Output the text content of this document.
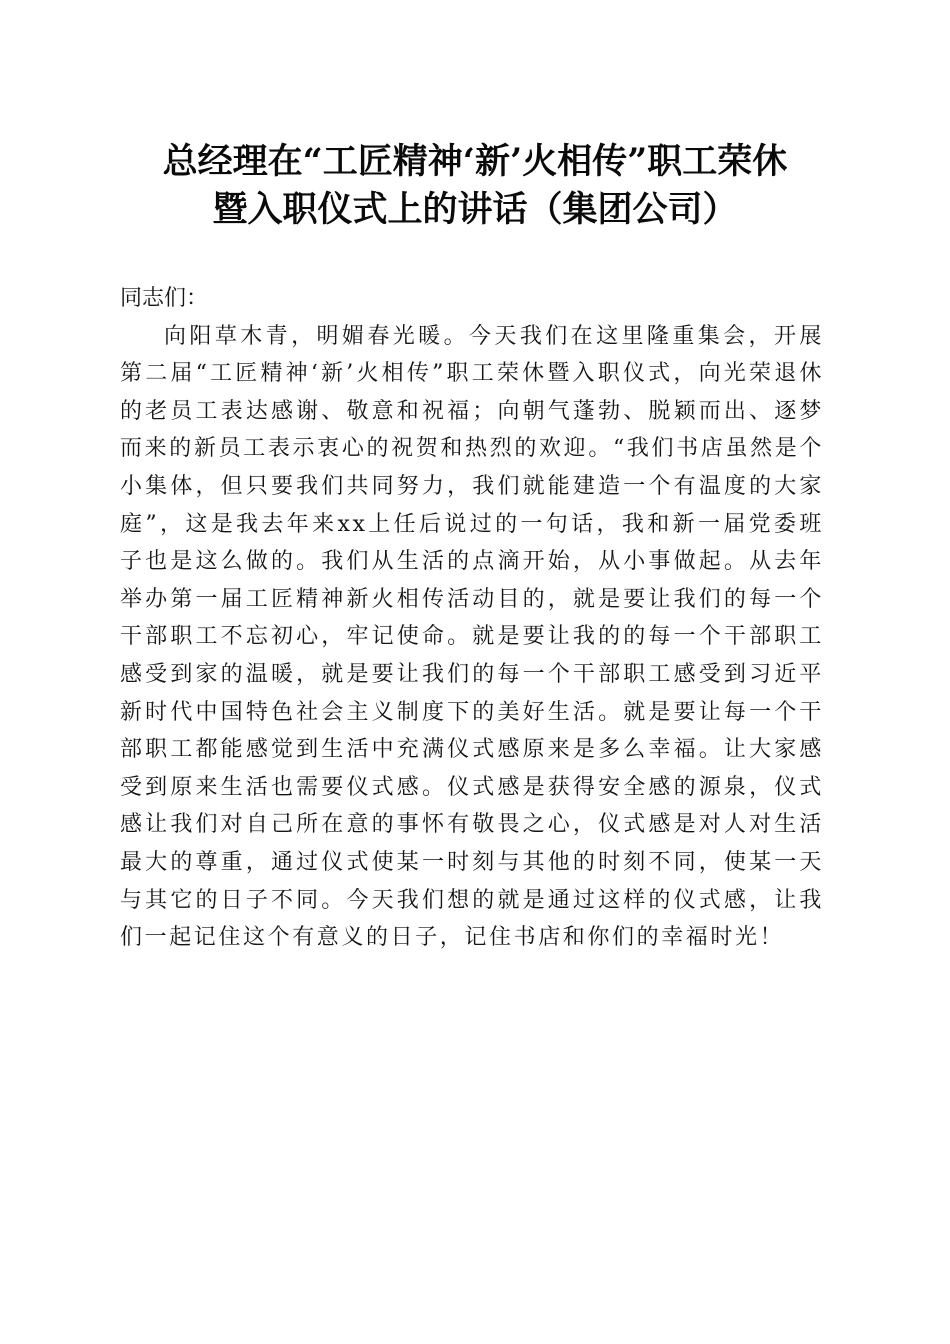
总经理在“工匠精神‘新’火相传”职工荣休
暨入职仪式上的讲话（集团公司）

同志们：

向阳草木青，明媚春光暖。今天我们在这里隆重集会，开展第二届“工匠精神‘新’火相传”职工荣休暨入职仪式，向光荣退休的老员工表达感谢、敬意和祝福；向朝气蓬勃、脱颖而出、逐梦而来的新员工表示衷心的祝贺和热烈的欢迎。“我们书店虽然是个小集体，但只要我们共同努力，我们就能建造一个有温度的大家庭”，这是我去年来xx上任后说过的一句话，我和新一届党委班子也是这么做的。我们从生活的点滴开始，从小事做起。从去年举办第一届工匠精神新火相传活动目的，就是要让我们的每一个干部职工不忘初心，牢记使命。就是要让我的的每一个干部职工感受到家的温暖，就是要让我们的每一个干部职工感受到习近平新时代中国特色社会主义制度下的美好生活。就是要让每一个干部职工都能感觉到生活中充满仪式感原来是多么幸福。让大家感受到原来生活也需要仪式感。仪式感是获得安全感的源泉，仪式感让我们对自己所在意的事怀有敬畏之心，仪式感是对人对生活最大的尊重，通过仪式使某一时刻与其他的时刻不同，使某一天与其它的日子不同。今天我们想的就是通过这样的仪式感，让我们一起记住这个有意义的日子，记住书店和你们的幸福时光！
